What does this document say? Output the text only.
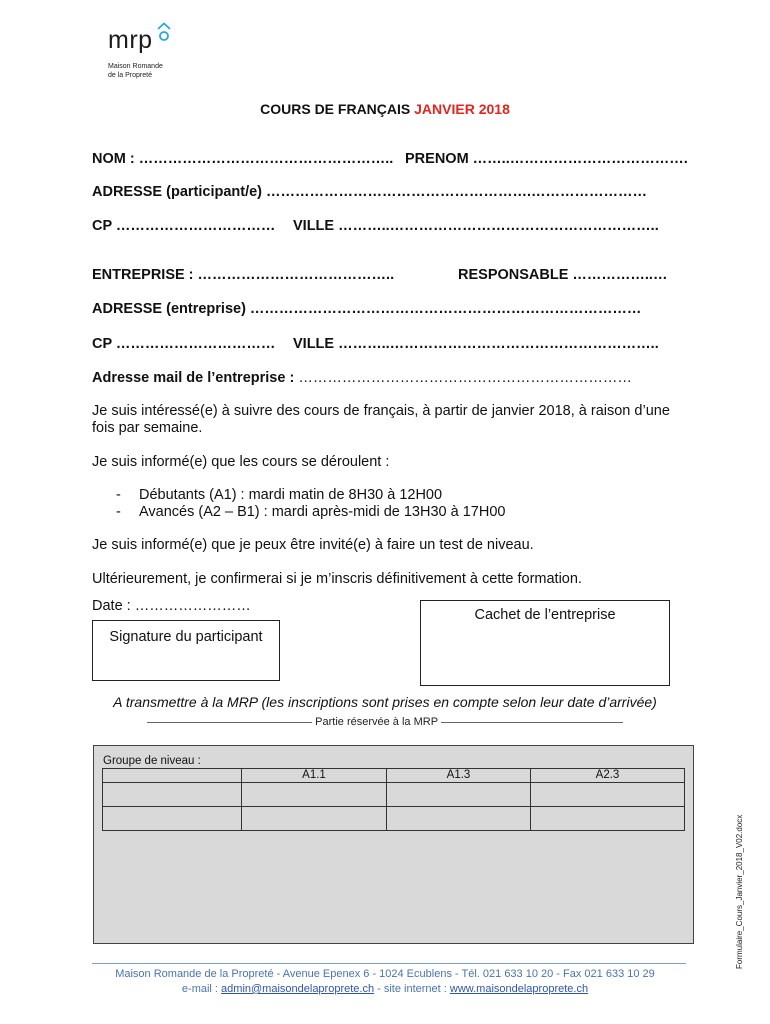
mrp
Maison Romande
de la Propreté
COURS DE FRANÇAIS JANVIER 2018
NOM : …………………………………………….. PRENOM ……..……………………………….
ADRESSE (participant/e) ……………………………………………….……………………
CP …………………………… VILLE ………..………………………………………………..
ENTREPRISE : …………………………………..	RESPONSABLE ……………..…
ADRESSE (entreprise) ………………………………………………………………………
CP …………………………… VILLE ………..………………………………………………..
Adresse mail de l’entreprise : ……………………………………………………………
Je suis intéressé(e) à suivre des cours de français, à partir de janvier 2018, à raison d’une fois par semaine.
Je suis informé(e) que les cours se déroulent :
- Débutants (A1) : mardi matin de 8H30 à 12H00
- Avancés (A2 – B1) : mardi après-midi de 13H30 à 17H00
Je suis informé(e) que je peux être invité(e) à faire un test de niveau.
Ultérieurement, je confirmerai si je m’inscris définitivement à cette formation.
Date : ……………………
Signature du participant
Cachet de l’entreprise
A transmettre à la MRP (les inscriptions sont prises en compte selon leur date d’arrivée)
Partie réservée à la MRP
Groupe de niveau :
	A1.1	A1.3	A2.3

Maison Romande de la Propreté - Avenue Epenex 6 - 1024 Ecublens - Tél. 021 633 10 20 - Fax 021 633 10 29
e-mail : admin@maisondelaproprete.ch - site internet : www.maisondelaproprete.ch
Formulaire_Cours_Janvier_2018_V02.docx
